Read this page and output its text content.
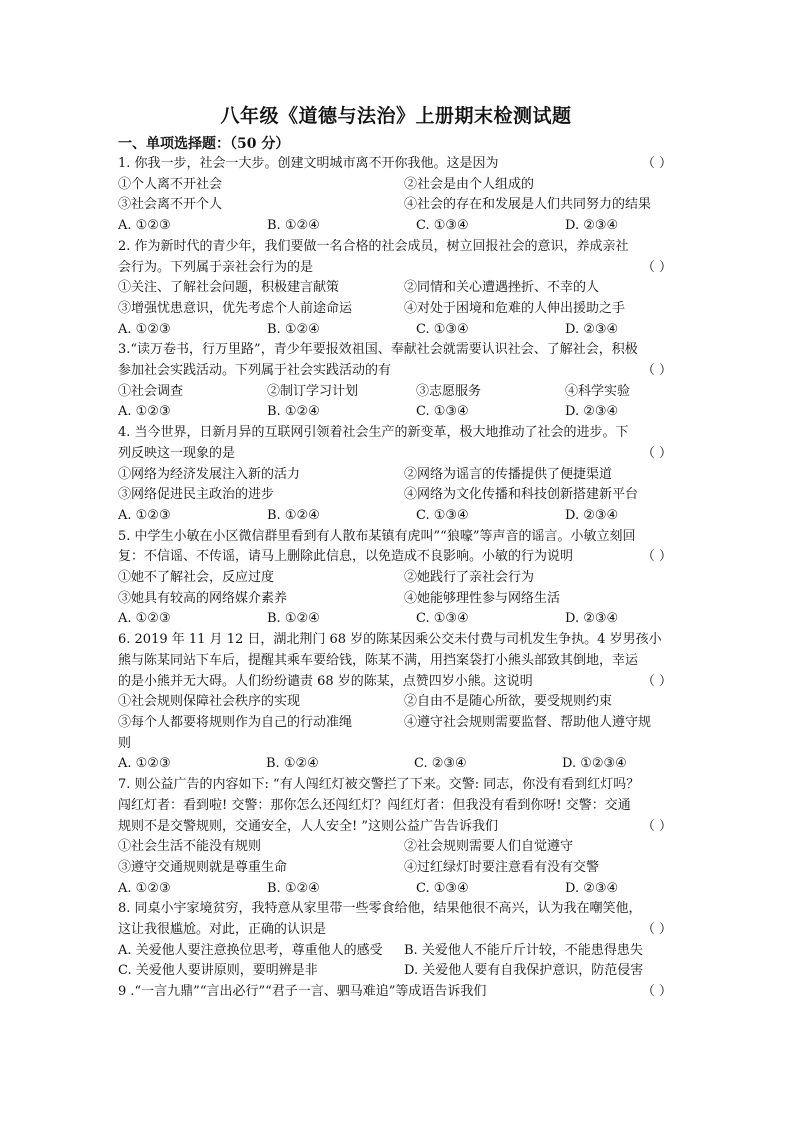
八年级《道德与法治》上册期末检测试题
一、单项选择题：（50 分）
1. 你我一步，社会一大步。创建文明城市离不开你我他。这是因为	（ ）
①个人离不开社会	②社会是由个人组成的
③社会离不开个人	④社会的存在和发展是人们共同努力的结果
A. ①②③	B. ①②④	C. ①③④	D. ②③④
2. 作为新时代的青少年，我们要做一名合格的社会成员，树立回报社会的意识，养成亲社
会行为。下列属于亲社会行为的是	（ ）
①关注、了解社会问题，积极建言献策	②同情和关心遭遇挫折、不幸的人
③增强忧患意识，优先考虑个人前途命运	④对处于困境和危难的人伸出援助之手
A. ①②③	B. ①②④	C. ①③④	D. ②③④
3.“读万卷书，行万里路”，青少年要报效祖国、奉献社会就需要认识社会、了解社会，积极
参加社会实践活动。下列属于社会实践活动的有	（ ）
①社会调查	②制订学习计划	③志愿服务	④科学实验
A. ①②③	B. ①②④	C. ①③④	D. ②③④
4. 当今世界，日新月异的互联网引领着社会生产的新变革，极大地推动了社会的进步。下
列反映这一现象的是	（ ）
①网络为经济发展注入新的活力	②网络为谣言的传播提供了便捷渠道
③网络促进民主政治的进步	④网络为文化传播和科技创新搭建新平台
A. ①②③	B. ①②④	C. ①③④	D. ②③④
5. 中学生小敏在小区微信群里看到有人散布某镇有虎叫”“狼嚎”等声音的谣言。小敏立刻回
复：不信谣、不传谣，请马上删除此信息，以免造成不良影响。小敏的行为说明	（ ）
①她不了解社会，反应过度	②她践行了亲社会行为
③她具有较高的网络媒介素养	④她能够理性参与网络生活
A. ①②③	B. ①②④	C. ①③④	D. ②③④
6. 2019 年 11 月 12 日，湖北荆门 68 岁的陈某因乘公交未付费与司机发生争执。4 岁男孩小
熊与陈某同站下车后，提醒其乘车要给钱，陈某不满，用挡案袋打小熊头部致其倒地，幸运
的是小熊并无大碍。人们纷纷谴责 68 岁的陈某，点赞四岁小熊。这说明	（ ）
①社会规则保障社会秩序的实现	②自由不是随心所欲，要受规则约束
③每个人都要将规则作为自己的行动准绳	④遵守社会规则需要监督、帮助他人遵守规
则
A. ①②③	B. ①②④	C. ②③④	D. ①②③④
7. 则公益广告的内容如下: “有人闯红灯被交警拦了下来。交警: 同志，你没有看到红灯吗？
闯红灯者：看到啦! 交警：那你怎么还闯红灯？闯红灯者：但我没有看到你呀! 交警：交通
规则不是交警规则，交通安全，人人安全! ”这则公益广告告诉我们	（ ）
①社会生活不能没有规则	②社会规则需要人们自觉遵守
③遵守交通规则就是尊重生命	④过红绿灯时要注意看有没有交警
A. ①②③	B. ①②④	C. ①③④	D. ②③④
8. 同桌小宇家境贫穷，我特意从家里带一些零食给他，结果他很不高兴，认为我在嘲笑他，
这让我很尴尬。对此，正确的认识是	（ ）
A. 关爱他人要注意换位思考，尊重他人的感受	B. 关爱他人不能斤斤计较，不能患得患失
C. 关爱他人要讲原则，要明辨是非	D. 关爱他人要有自我保护意识，防范侵害
9 .“一言九鼎”“言出必行”“君子一言、驷马难追”等成语告诉我们	（ ）
